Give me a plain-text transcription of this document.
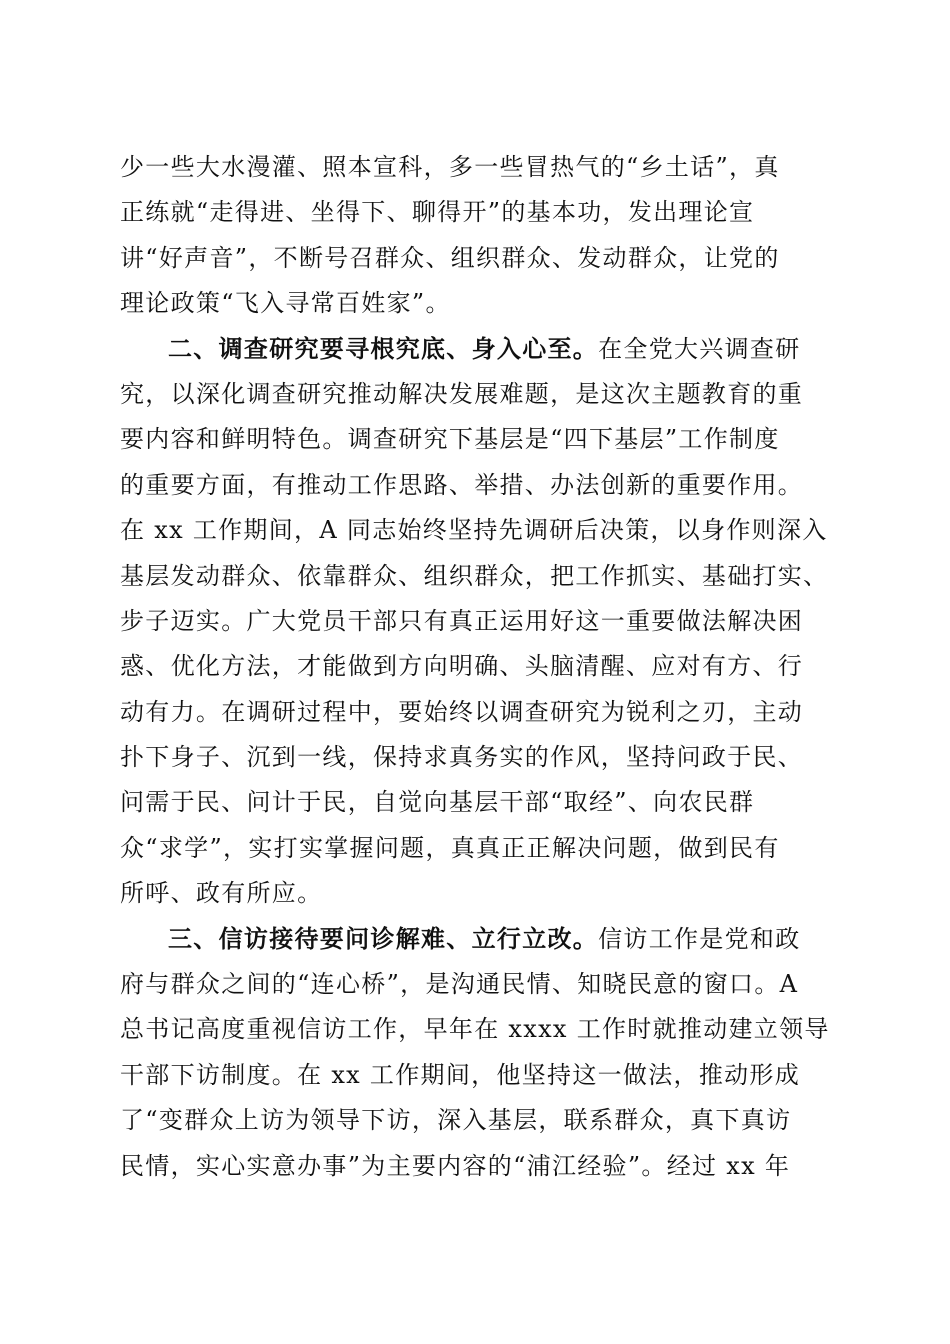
少一些大水漫灌、照本宣科，多一些冒热气的“乡土话”，真
正练就“走得进、坐得下、聊得开”的基本功，发出理论宣
讲“好声音”，不断号召群众、组织群众、发动群众，让党的
理论政策“飞入寻常百姓家”。
二、调查研究要寻根究底、身入心至。在全党大兴调查研
究，以深化调查研究推动解决发展难题，是这次主题教育的重
要内容和鲜明特色。调查研究下基层是“四下基层”工作制度
的重要方面，有推动工作思路、举措、办法创新的重要作用。
在 xx 工作期间，A 同志始终坚持先调研后决策，以身作则深入
基层发动群众、依靠群众、组织群众，把工作抓实、基础打实、
步子迈实。广大党员干部只有真正运用好这一重要做法解决困
惑、优化方法，才能做到方向明确、头脑清醒、应对有方、行
动有力。在调研过程中，要始终以调查研究为锐利之刃，主动
扑下身子、沉到一线，保持求真务实的作风，坚持问政于民、
问需于民、问计于民，自觉向基层干部“取经”、向农民群
众“求学”，实打实掌握问题，真真正正解决问题，做到民有
所呼、政有所应。
三、信访接待要问诊解难、立行立改。信访工作是党和政
府与群众之间的“连心桥”，是沟通民情、知晓民意的窗口。A
总书记高度重视信访工作，早年在 xxxx 工作时就推动建立领导
干部下访制度。在 xx 工作期间，他坚持这一做法，推动形成
了“变群众上访为领导下访，深入基层，联系群众，真下真访
民情，实心实意办事”为主要内容的“浦江经验”。经过 xx 年
